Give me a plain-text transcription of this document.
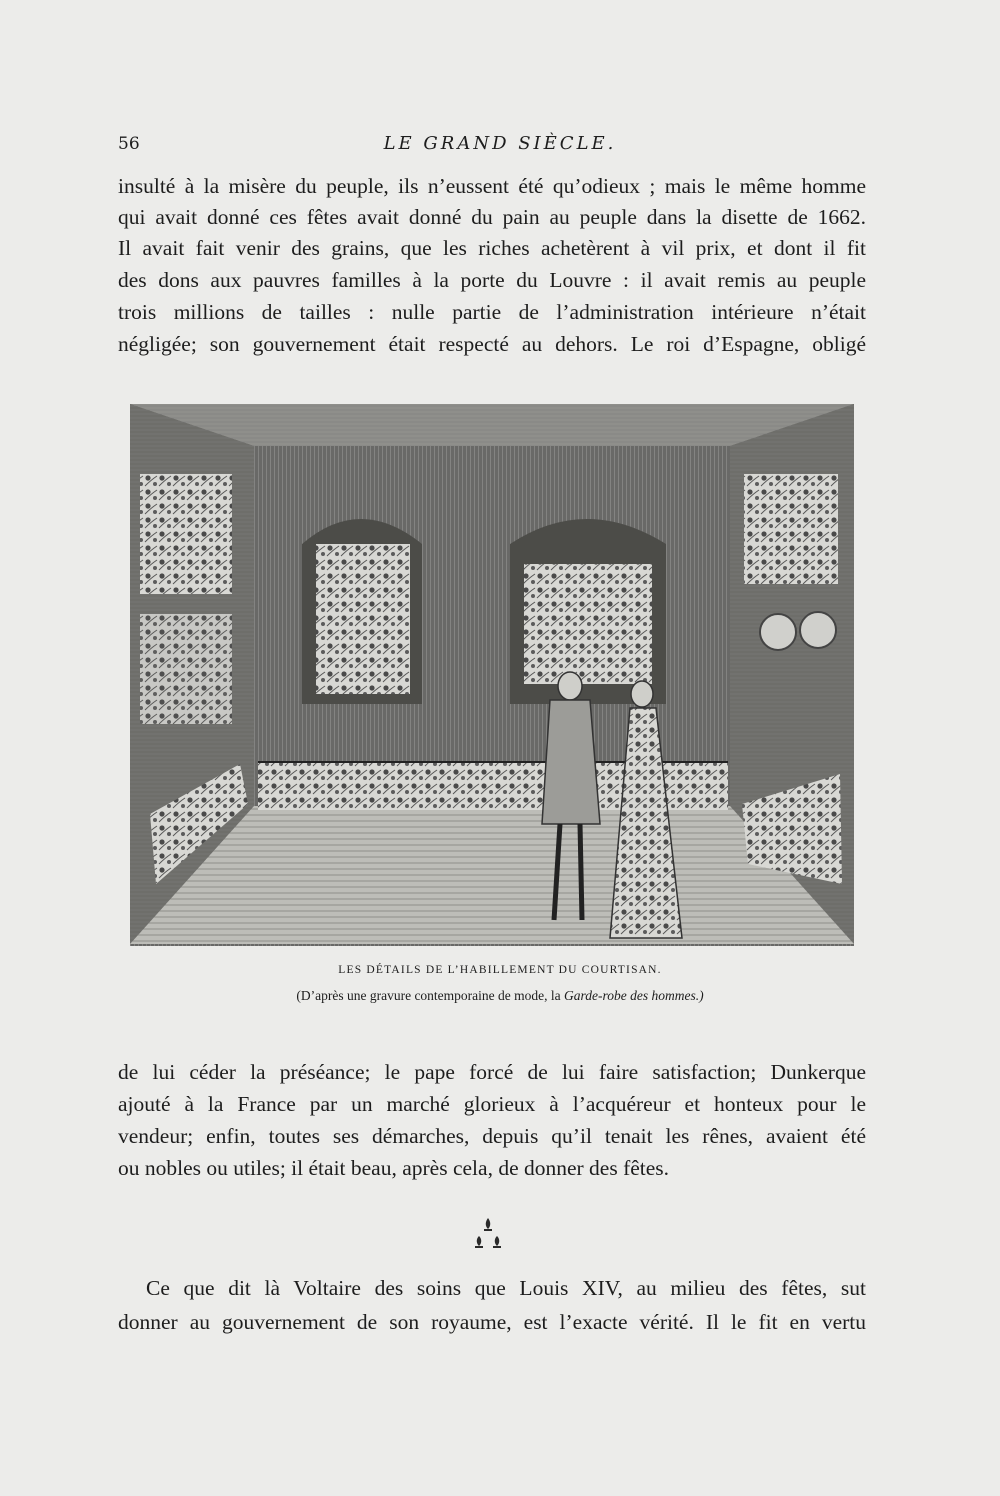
56	LE GRAND SIÈCLE.
insulté à la misère du peuple, ils n’eussent été qu’odieux ; mais le même homme
qui avait donné ces fêtes avait donné du pain au peuple dans la disette de 1662.
Il avait fait venir des grains, que les riches achetèrent à vil prix, et dont il fit
des dons aux pauvres familles à la porte du Louvre : il avait remis au peuple
trois millions de tailles : nulle partie de l’administration intérieure n’était
négligée; son gouvernement était respecté au dehors. Le roi d’Espagne, obligé
LES DÉTAILS DE L’HABILLEMENT DU COURTISAN.
(D’après une gravure contemporaine de mode, la Garde-robe des hommes.)
de lui céder la préséance; le pape forcé de lui faire satisfaction; Dunkerque
ajouté à la France par un marché glorieux à l’acquéreur et honteux pour le
vendeur; enfin, toutes ses démarches, depuis qu’il tenait les rênes, avaient été
ou nobles ou utiles; il était beau, après cela, de donner des fêtes.
Ce que dit là Voltaire des soins que Louis XIV, au milieu des fêtes, sut
donner au gouvernement de son royaume, est l’exacte vérité. Il le fit en vertu
